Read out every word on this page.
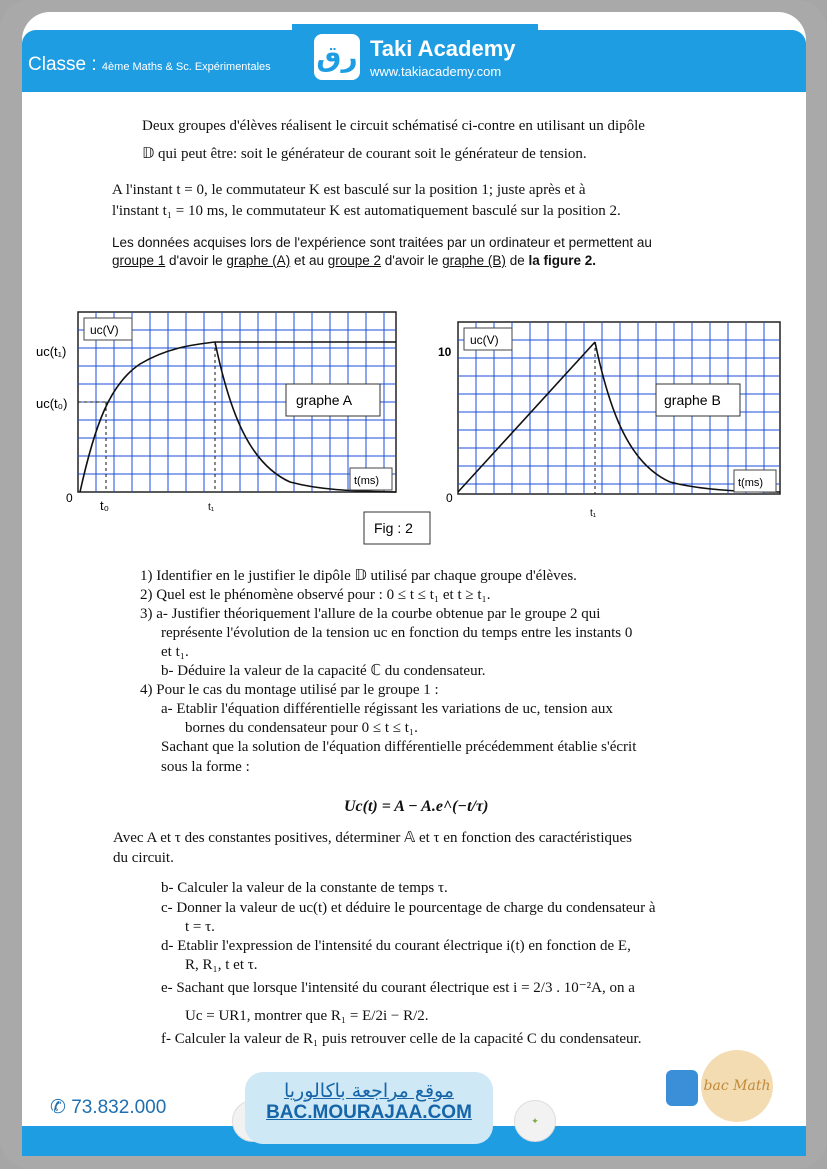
Classe : 4ème Maths & Sc. Expérimentales رق Taki Academy
www.takiacademy.com
Deux groupes d'élèves réalisent le circuit schématisé ci-contre en utilisant un dipôle
𝔻 qui peut être: soit le générateur de courant soit le générateur de tension.
A l'instant t = 0, le commutateur K est basculé sur la position 1; juste après et à
l'instant t₁ = 10 ms, le commutateur K est automatiquement basculé sur la position 2.
Les données acquises lors de l'expérience sont traitées par un ordinateur et permettent au
groupe 1 d'avoir le graphe (A) et au groupe 2 d'avoir le graphe (B) de la figure 2.
uc(V)
graphe A
t(ms)
uc(t₁)
uc(t₀)
0 t₀	t₁
uc(V)
graphe B
t(ms)
10
0
t₁
Fig : 2
1) Identifier en le justifier le dipôle 𝔻 utilisé par chaque groupe d'élèves.
2) Quel est le phénomène observé pour : 0 ≤ t ≤ t₁ et t ≥ t₁.
3) a- Justifier théoriquement l'allure de la courbe obtenue par le groupe 2 qui
représente l'évolution de la tension uc en fonction du temps entre les instants 0
et t₁.
b- Déduire la valeur de la capacité ℂ du condensateur.
4) Pour le cas du montage utilisé par le groupe 1 :
a- Etablir l'équation différentielle régissant les variations de uc, tension aux
bornes du condensateur pour 0 ≤ t ≤ t₁.
Sachant que la solution de l'équation différentielle précédemment établie s'écrit
sous la forme :
Uc(t) = A − A.e^(−t/τ)
Avec A et τ des constantes positives, déterminer 𝔸 et τ en fonction des caractéristiques
du circuit.
b- Calculer la valeur de la constante de temps τ.
c- Donner la valeur de uc(t) et déduire le pourcentage de charge du condensateur à
t = τ.
d- Etablir l'expression de l'intensité du courant électrique i(t) en fonction de E,
R, R₁, t et τ.
e- Sachant que lorsque l'intensité du courant électrique est i = 2/3 . 10⁻²A, on a
Uc = UR1, montrer que R₁ = E/2i − R/2.
f- Calculer la valeur de R₁ puis retrouver celle de la capacité C du condensateur.
✆ 73.832.000
موقع مراجعة باكالوريا
BAC.MOURAJAA.COM	✦
bac Math
